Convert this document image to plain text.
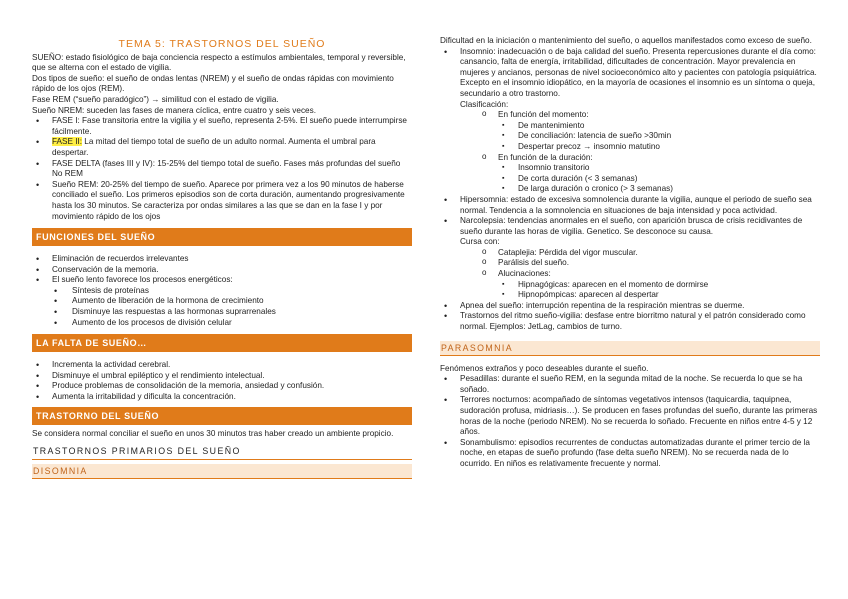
TEMA 5: TRASTORNOS DEL SUEÑO

SUEÑO: estado fisiológico de baja conciencia respecto a estímulos ambientales, temporal y reversible, que se alterna con el estado de vigilia.

Dos tipos de sueño: el sueño de ondas lentas (NREM) y el sueño de ondas rápidas con movimiento rápido de los ojos (REM).

Fase REM (“sueño paradógico”) → similitud con el estado de vigilia.

Sueño NREM: suceden las fases de manera cíclica, entre cuatro y seis veces.

• FASE I: Fase transitoria entre la vigilia y el sueño, representa 2-5%. El sueño puede interrumpirse fácilmente.
• FASE II: La mitad del tiempo total de sueño de un adulto normal. Aumenta el umbral para despertar.
• FASE DELTA (fases III y IV): 15-25% del tiempo total de sueño. Fases más profundas del sueño No REM
• Sueño REM: 20-25% del tiempo de sueño. Aparece por primera vez a los 90 minutos de haberse conciliado el sueño. Los primeros episodios son de corta duración, aumentando progresivamente hasta los 30 minutos. Se caracteriza por ondas similares a las que se dan en la fase I y por movimiento rápido de los ojos
FUNCIONES DEL SUEÑO
• Eliminación de recuerdos irrelevantes
• Conservación de la memoria.
• El sueño lento favorece los procesos energéticos:
• Síntesis de proteínas
• Aumento de liberación de la hormona de crecimiento
• Disminuye las respuestas a las hormonas suprarrenales
• Aumento de los procesos de división celular
LA FALTA DE SUEÑO…
• Incrementa la actividad cerebral.
• Disminuye el umbral epiléptico y el rendimiento intelectual.
• Produce problemas de consolidación de la memoria, ansiedad y confusión.
• Aumenta la irritabilidad y dificulta la concentración.
TRASTORNO DEL SUEÑO

Se considera normal conciliar el sueño en unos 30 minutos tras haber creado un ambiente propicio.

TRASTORNOS PRIMARIOS DEL SUEÑO
DISOMNIA

Dificultad en la iniciación o mantenimiento del sueño, o aquellos manifestados como exceso de sueño.

• Insomnio: inadecuación o de baja calidad del sueño. Presenta repercusiones durante el día como: cansancio, falta de energía, irritabilidad, dificultades de concentración. Mayor prevalencia en mujeres y ancianos, personas de nivel socioeconómico alto y pacientes con patología psiquiátrica. Excepto en el insomnio idiopático, en la mayoría de ocasiones el insomnio es un síntoma o queja, secundario a otro trastorno.
Clasificación:
o En función del momento:
▪ De mantenimiento
▪ De conciliación: latencia de sueño >30min
▪ Despertar precoz → insomnio matutino
o En función de la duración:
▪ Insomnio transitorio
▪ De corta duración (< 3 semanas)
▪ De larga duración o cronico (> 3 semanas)
• Hipersomnia: estado de excesiva somnolencia durante la vigilia, aunque el periodo de sueño sea normal. Tendencia a la somnolencia en situaciones de baja intensidad y poca actividad.
• Narcolepsia: tendencias anormales en el sueño, con aparición brusca de crisis recidivantes de sueño durante las horas de vigilia. Genetico. Se desconoce su causa.
Cursa con:
o Cataplejia: Pérdida del vigor muscular.
o Parálisis del sueño.
o Alucinaciones:
▪ Hipnagógicas: aparecen en el momento de dormirse
▪ Hipnopómpicas: aparecen al despertar
• Apnea del sueño: interrupción repentina de la respiración mientras se duerme.
• Trastornos del ritmo sueño-vigilia: desfase entre biorritmo natural y el patrón considerado como normal. Ejemplos: JetLag, cambios de turno.
PARASOMNIA

Fenómenos extraños y poco deseables durante el sueño.

• Pesadillas: durante el sueño REM, en la segunda mitad de la noche. Se recuerda lo que se ha soñado.
• Terrores nocturnos: acompañado de síntomas vegetativos intensos (taquicardia, taquipnea, sudoración profusa, midriasis…). Se producen en fases profundas del sueño, durante las primeras horas de la noche (periodo NREM). No se recuerda lo soñado. Frecuente en niños entre 4-5 y 12 años.
• Sonambulismo: episodios recurrentes de conductas automatizadas durante el primer tercio de la noche, en etapas de sueño profundo (fase delta sueño NREM). No se recuerda nada de lo ocurrido. En niños es relativamente frecuente y normal.
